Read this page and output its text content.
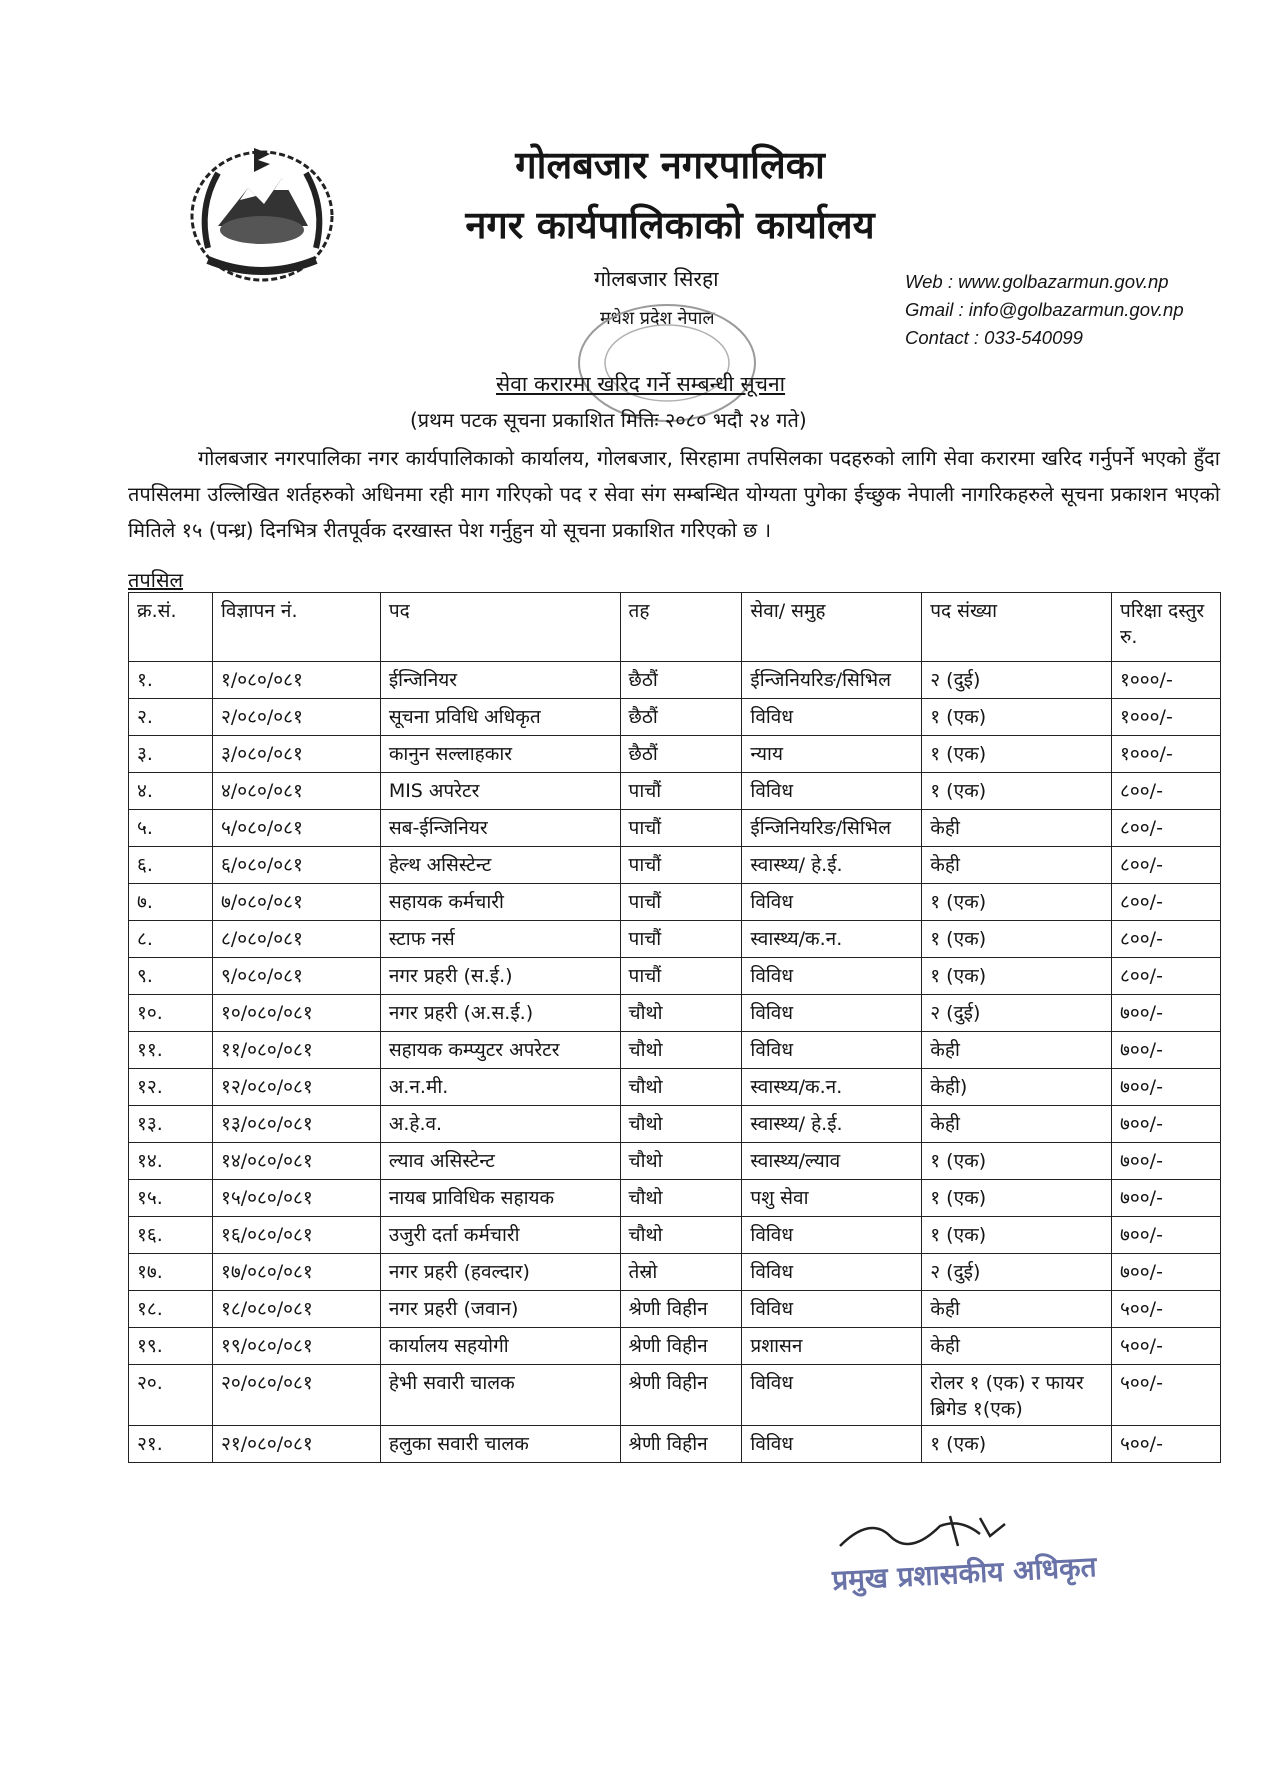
गोलबजार नगरपालिका
नगर कार्यपालिकाको कार्यालय
गोलबजार सिरहा
मधेश प्रदेश नेपाल
Web : www.golbazarmun.gov.np
Gmail : info@golbazarmun.gov.np
Contact : 033-540099
सेवा करारमा खरिद गर्ने सम्बन्धी सूचना
(प्रथम पटक सूचना प्रकाशित मितिः २०८० भदौ २४ गते)
गोलबजार नगरपालिका नगर कार्यपालिकाको कार्यालय, गोलबजार, सिरहामा तपसिलका पदहरुको लागि सेवा करारमा खरिद गर्नुपर्ने भएको हुँदा तपसिलमा उल्लिखित शर्तहरुको अधिनमा रही माग गरिएको पद र सेवा संग सम्बन्धित योग्यता पुगेका ईच्छुक नेपाली नागरिकहरुले सूचना प्रकाशन भएको मितिले १५ (पन्ध्र) दिनभित्र रीतपूर्वक दरखास्त पेश गर्नुहुन यो सूचना प्रकाशित गरिएको छ ।
तपसिल
क्र.सं.	विज्ञापन नं.	पद	तह	सेवा/ समुह	पद संख्या	परिक्षा दस्तुर रु.
१.	१/०८०/०८१	ईन्जिनियर	छैठौं	ईन्जिनियरिङ/सिभिल	२ (दुई)	१०००/-
२.	२/०८०/०८१	सूचना प्रविधि अधिकृत	छैठौं	विविध	१ (एक)	१०००/-
३.	३/०८०/०८१	कानुन सल्लाहकार	छैठौं	न्याय	१ (एक)	१०००/-
४.	४/०८०/०८१	MIS अपरेटर	पाचौं	विविध	१ (एक)	८००/-
५.	५/०८०/०८१	सब-ईन्जिनियर	पाचौं	ईन्जिनियरिङ/सिभिल	केही	८००/-
६.	६/०८०/०८१	हेल्थ असिस्टेन्ट	पाचौं	स्वास्थ्य/ हे.ई.	केही	८००/-
७.	७/०८०/०८१	सहायक कर्मचारी	पाचौं	विविध	१ (एक)	८००/-
८.	८/०८०/०८१	स्टाफ नर्स	पाचौं	स्वास्थ्य/क.न.	१ (एक)	८००/-
९.	९/०८०/०८१	नगर प्रहरी (स.ई.)	पाचौं	विविध	१ (एक)	८००/-
१०.	१०/०८०/०८१	नगर प्रहरी (अ.स.ई.)	चौथो	विविध	२ (दुई)	७००/-
११.	११/०८०/०८१	सहायक कम्प्युटर अपरेटर	चौथो	विविध	केही	७००/-
१२.	१२/०८०/०८१	अ.न.मी.	चौथो	स्वास्थ्य/क.न.	केही)	७००/-
१३.	१३/०८०/०८१	अ.हे.व.	चौथो	स्वास्थ्य/ हे.ई.	केही	७००/-
१४.	१४/०८०/०८१	ल्याव असिस्टेन्ट	चौथो	स्वास्थ्य/ल्याव	१ (एक)	७००/-
१५.	१५/०८०/०८१	नायब प्राविधिक सहायक	चौथो	पशु सेवा	१ (एक)	७००/-
१६.	१६/०८०/०८१	उजुरी दर्ता कर्मचारी	चौथो	विविध	१ (एक)	७००/-
१७.	१७/०८०/०८१	नगर प्रहरी (हवल्दार)	तेस्रो	विविध	२ (दुई)	७००/-
१८.	१८/०८०/०८१	नगर प्रहरी (जवान)	श्रेणी विहीन	विविध	केही	५००/-
१९.	१९/०८०/०८१	कार्यालय सहयोगी	श्रेणी विहीन	प्रशासन	केही	५००/-
२०.	२०/०८०/०८१	हेभी सवारी चालक	श्रेणी विहीन	विविध	रोलर १ (एक) र फायर ब्रिगेड १(एक)	५००/-
२१.	२१/०८०/०८१	हलुका सवारी चालक	श्रेणी विहीन	विविध	१ (एक)	५००/-
प्रमुख प्रशासकीय अधिकृत
